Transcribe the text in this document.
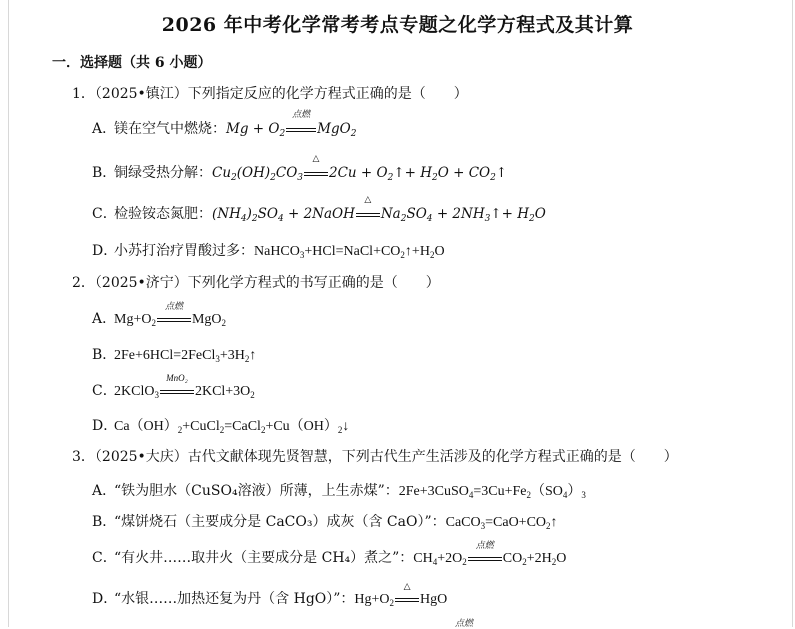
2026 年中考化学常考考点专题之化学方程式及其计算
一．选择题（共 6 小题）
1．（2025•镇江）下列指定反应的化学方程式正确的是（　　）
A．镁在空气中燃烧：$Mg + O_2$
点燃
MgO$_2$
B．铜绿受热分解：$Cu_2(OH)_2CO_3$
△
$2Cu + O_2↑+ H_2O$ + $CO_2↑$
C．检验铵态氮肥：$(NH_4)_2SO_4$ + 2NaOH
△
$Na_2SO_4$ + $2NH_3↑+ H_2O$
D．小苏打治疗胃酸过多：$NaHCO_3+HCl=NaCl+CO_2↑+H_2O$
2．（2025•济宁）下列化学方程式的书写正确的是（　　）
A．$Mg+O_2$
点燃
MgO$_2$
B．$2Fe+6HCl=2FeCl_3+3H_2↑$
C．2KClO$_3$
MnO₂
$2KCl+3O_2$
D．$Ca(OH)_2+CuCl_2=CaCl_2+Cu(OH)_2↓$
3．（2025•大庆）古代文献体现先贤智慧，下列古代生产生活涉及的化学方程式正确的是（　　）
A．“铁为胆水（CuSO₄溶液）所薄，上生赤煤”：$2Fe+3CuSO_4=3Cu+Fe_2(SO_4)_3$
B．“煤饼烧石（主要成分是 CaCO₃）成灰（含 CaO）”：$CaCO_3=CaO+CO_2↑$
C．“有火井……取井火（主要成分是 CH₄）煮之”：$CH_4+2O_2$
点燃
$CO_2+2H_2O$
D．“水银……加热还复为丹（含 HgO）”：$Hg+O_2$
△
HgO
点燃
